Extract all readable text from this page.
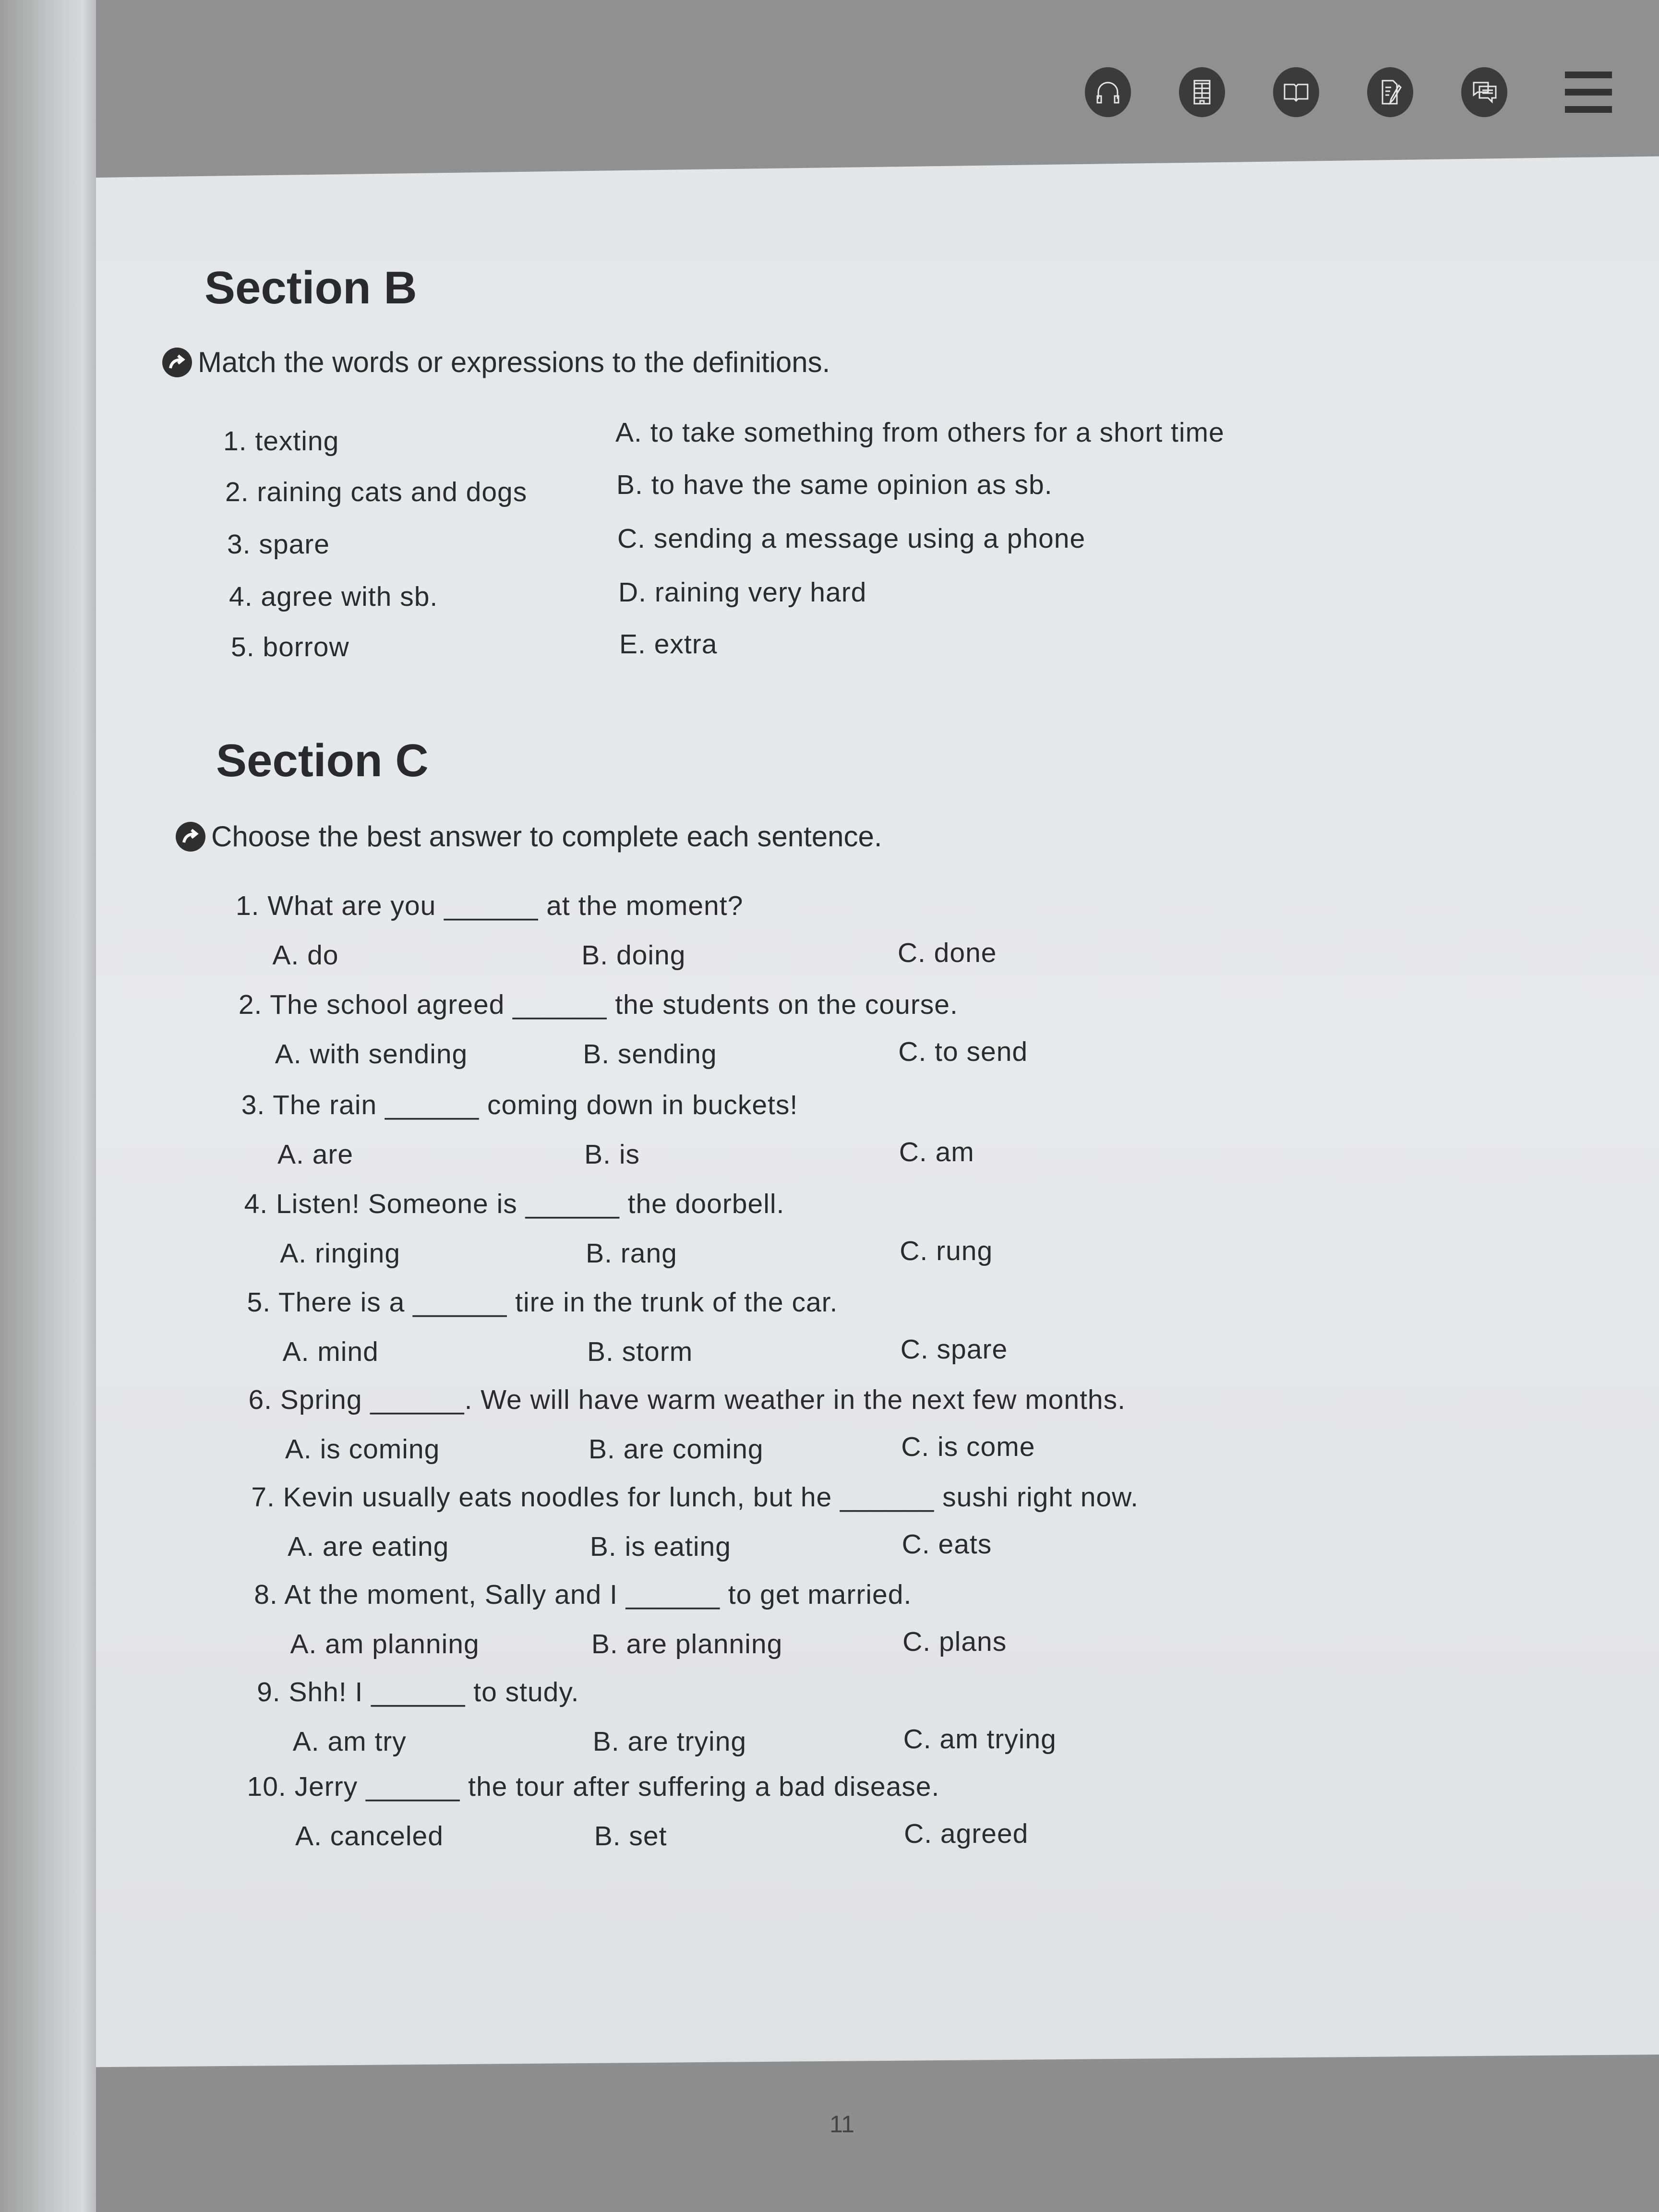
Section B
Match the words or expressions to the definitions.
1. texting	A. to take something from others for a short time
2. raining cats and dogs	B. to have the same opinion as sb.
3. spare	C. sending a message using a phone
4. agree with sb.	D. raining very hard
5. borrow	E. extra
Section C
Choose the best answer to complete each sentence.
1. What are you ______ at the moment?
A. do	B. doing	C. done
2. The school agreed ______ the students on the course.
A. with sending	B. sending	C. to send
3. The rain ______ coming down in buckets!
A. are	B. is	C. am
4. Listen! Someone is ______ the doorbell.
A. ringing	B. rang	C. rung
5. There is a ______ tire in the trunk of the car.
A. mind	B. storm	C. spare
6. Spring ______. We will have warm weather in the next few months.
A. is coming	B. are coming	C. is come
7. Kevin usually eats noodles for lunch, but he ______ sushi right now.
A. are eating	B. is eating	C. eats
8. At the moment, Sally and I ______ to get married.
A. am planning	B. are planning	C. plans
9. Shh! I ______ to study.
A. am try	B. are trying	C. am trying
10. Jerry ______ the tour after suffering a bad disease.
A. canceled	B. set	C. agreed
11
